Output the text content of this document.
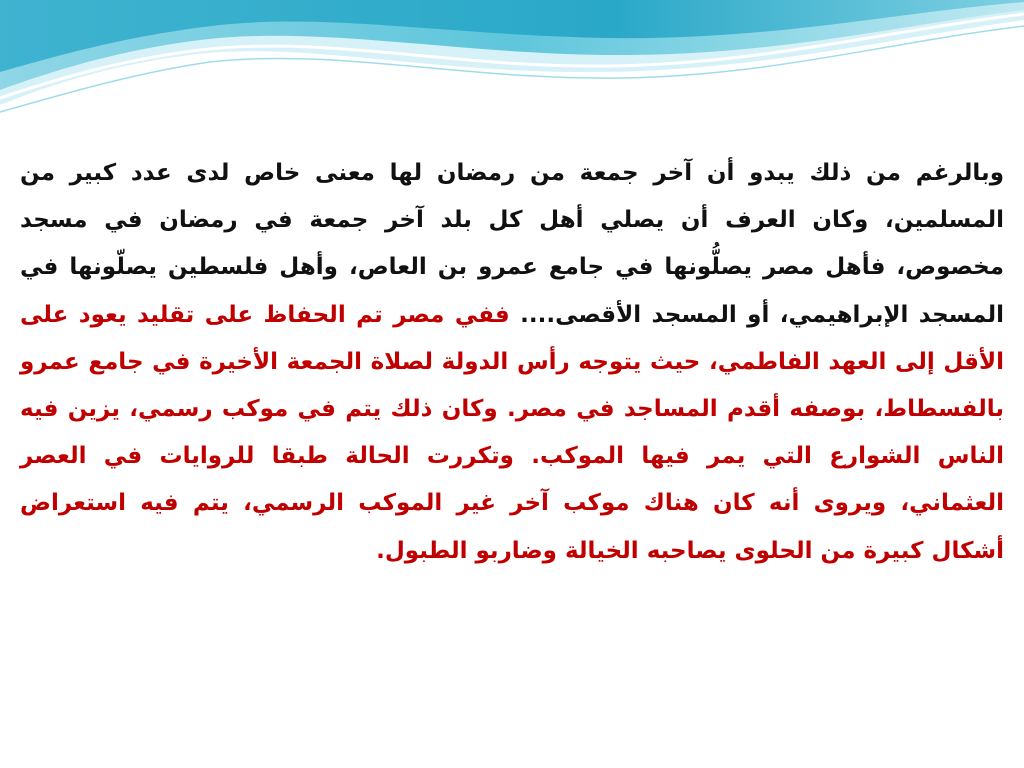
وبالرغم من ذلك يبدو أن آخر جمعة من رمضان لها معنى خاص لدى عدد كبير من المسلمين، وكان العرف أن يصلي أهل كل بلد آخر جمعة في رمضان في مسجد مخصوص، فأهل مصر يصلُّونها في جامع عمرو بن العاص، وأهل فلسطين يصلّونها في المسجد الإبراهيمي، أو المسجد الأقصى.... ففي مصر تم الحفاظ على تقليد يعود على الأقل إلى العهد الفاطمي، حيث يتوجه رأس الدولة لصلاة الجمعة الأخيرة في جامع عمرو بالفسطاط، بوصفه أقدم المساجد في مصر. وكان ذلك يتم في موكب رسمي، يزين فيه الناس الشوارع التي يمر فيها الموكب. وتكررت الحالة طبقا للروايات في العصر العثماني، ويروى أنه كان هناك موكب آخر غير الموكب الرسمي، يتم فيه استعراض أشكال كبيرة من الحلوى يصاحبه الخيالة وضاربو الطبول.
